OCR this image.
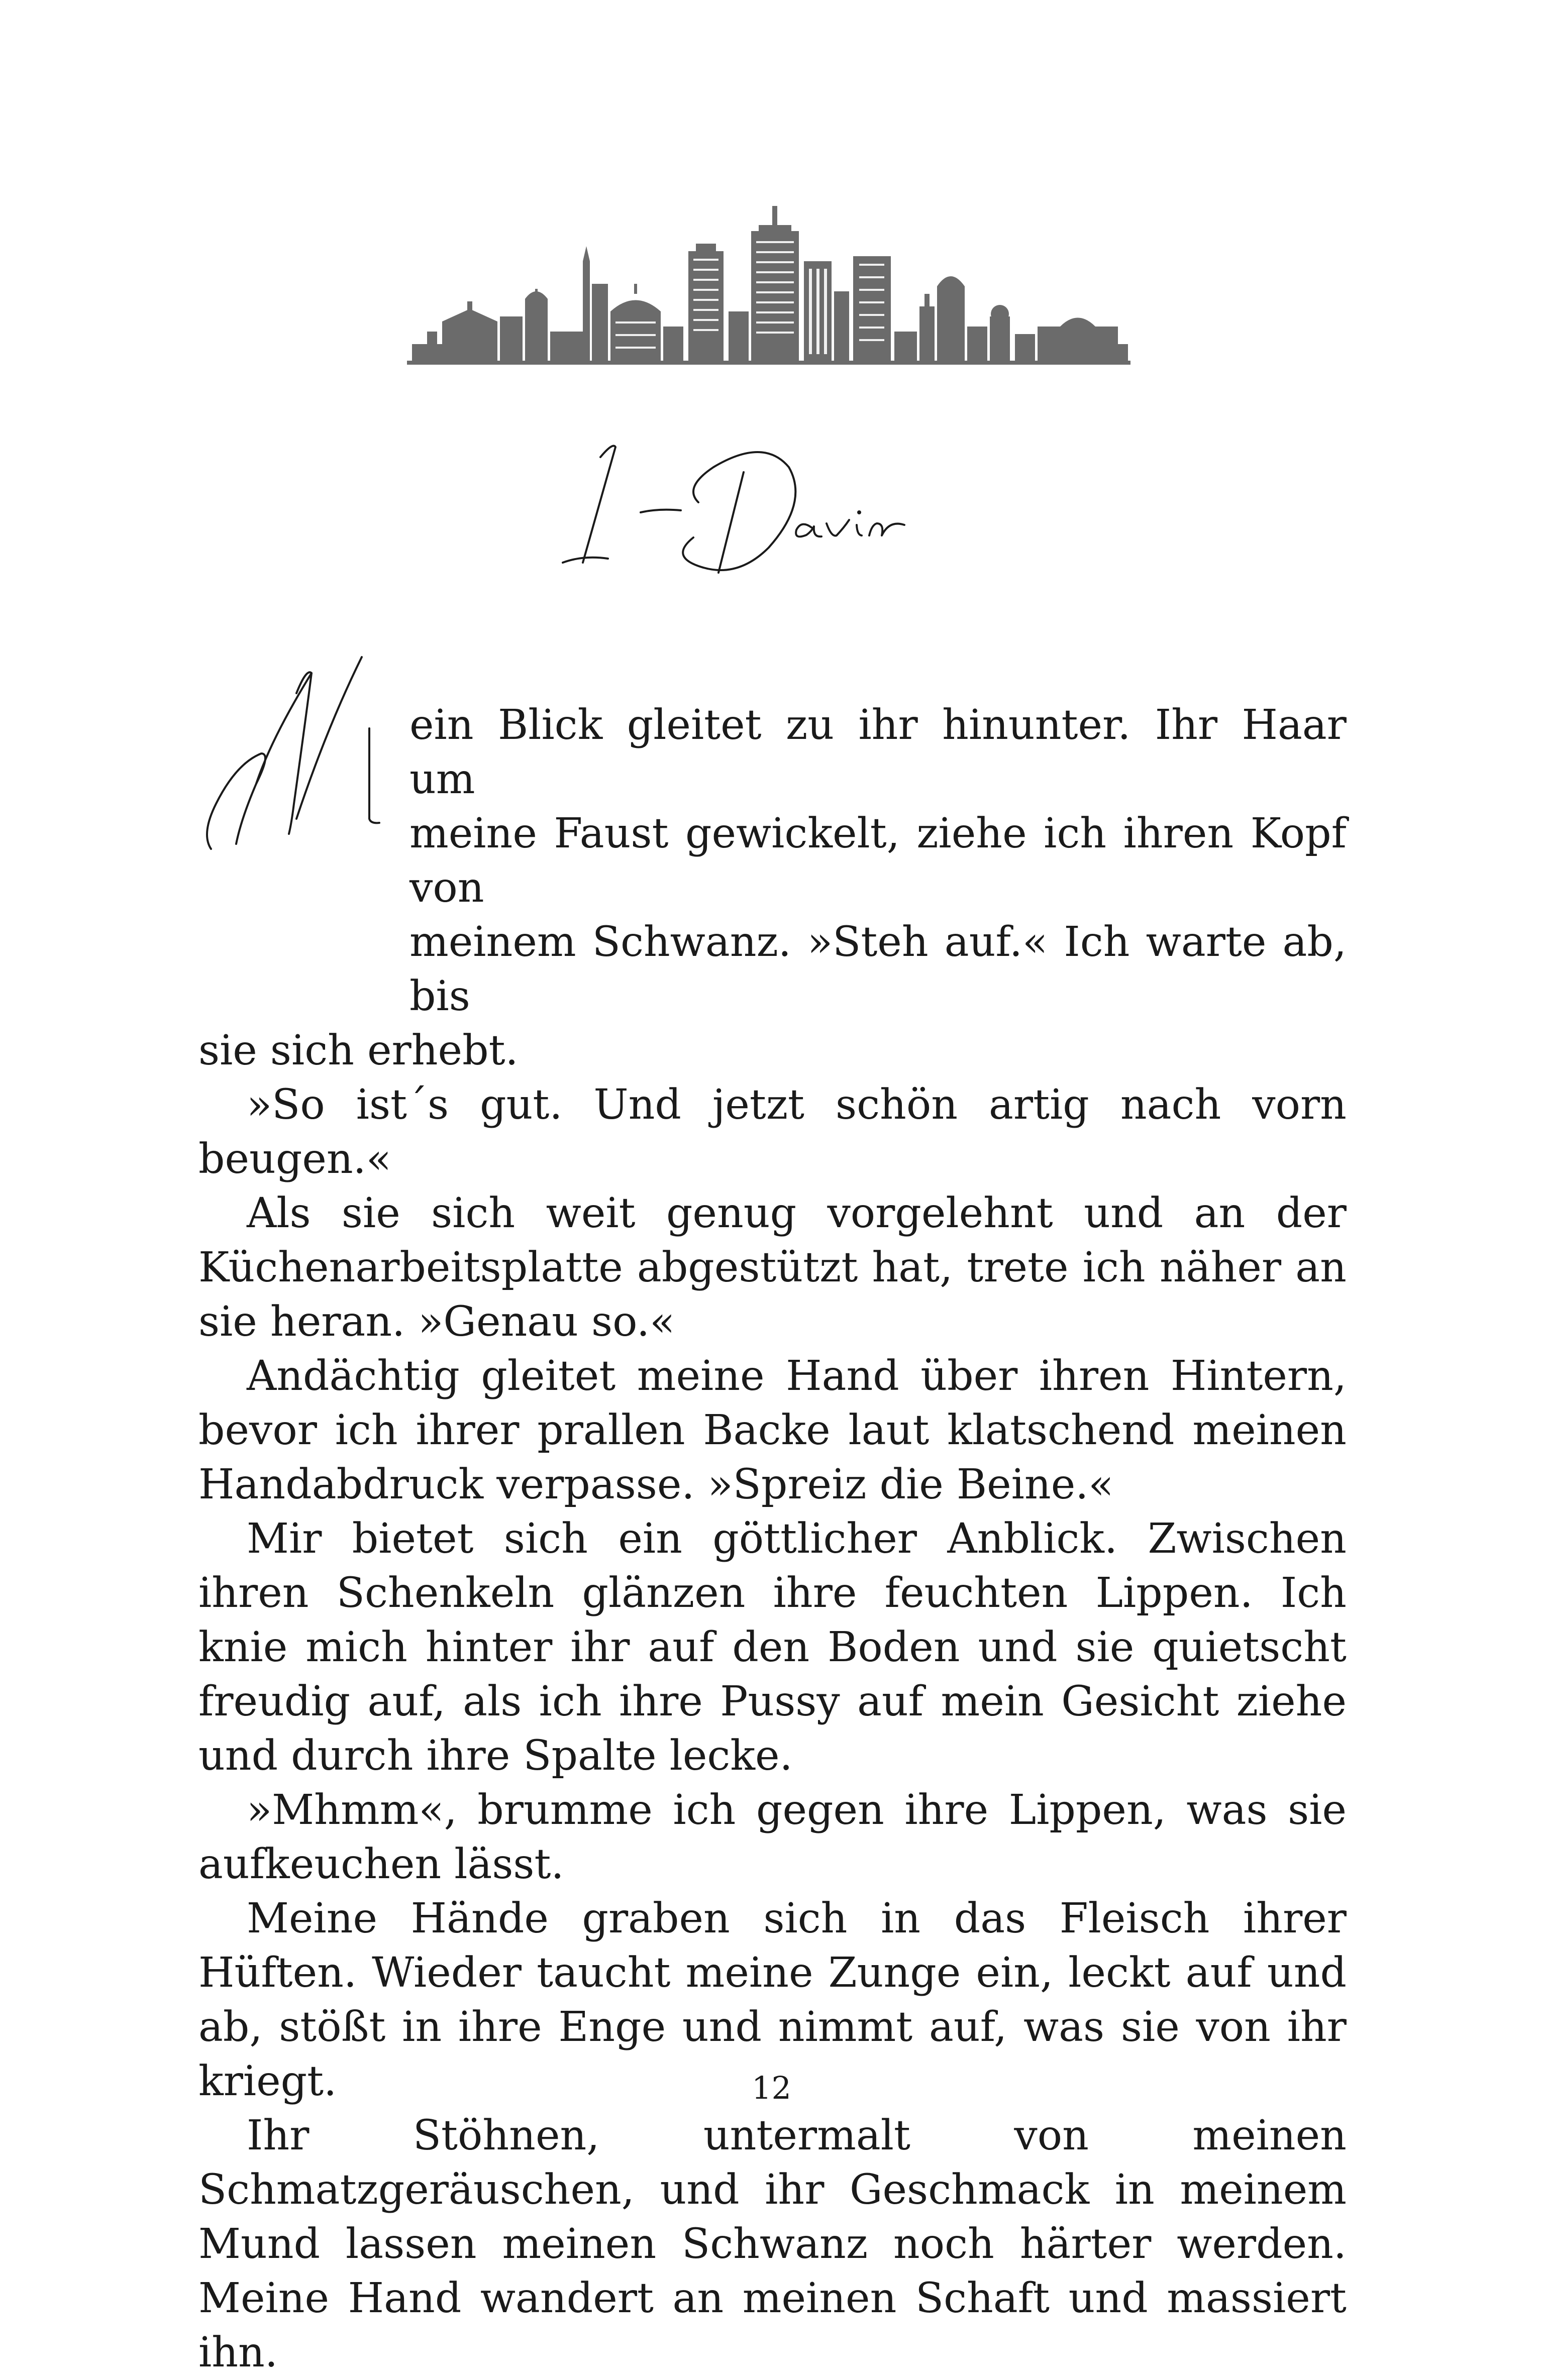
ein Blick gleitet zu ihr hinunter. Ihr Haar um
meine Faust gewickelt, ziehe ich ihren Kopf von
meinem Schwanz. »Steh auf.« Ich warte ab, bis
sie sich erhebt.

»So ist´s gut. Und jetzt schön artig nach vorn beugen.«

Als sie sich weit genug vorgelehnt und an der Küchenarbeitsplatte abgestützt hat, trete ich näher an sie heran. »Genau so.«

Andächtig gleitet meine Hand über ihren Hintern, bevor ich ihrer prallen Backe laut klatschend meinen Handabdruck verpasse. »Spreiz die Beine.«

Mir bietet sich ein göttlicher Anblick. Zwischen ihren Schenkeln glänzen ihre feuchten Lippen. Ich knie mich hinter ihr auf den Boden und sie quietscht freudig auf, als ich ihre Pussy auf mein Gesicht ziehe und durch ihre Spalte lecke.

»Mhmm«, brumme ich gegen ihre Lippen, was sie aufkeuchen lässt.

Meine Hände graben sich in das Fleisch ihrer Hüften. Wieder taucht meine Zunge ein, leckt auf und ab, stößt in ihre Enge und nimmt auf, was sie von ihr kriegt.

Ihr Stöhnen, untermalt von meinen Schmatzgeräuschen, und ihr Geschmack in meinem Mund lassen meinen Schwanz noch härter werden. Meine Hand wandert an meinen Schaft und massiert ihn.

12
